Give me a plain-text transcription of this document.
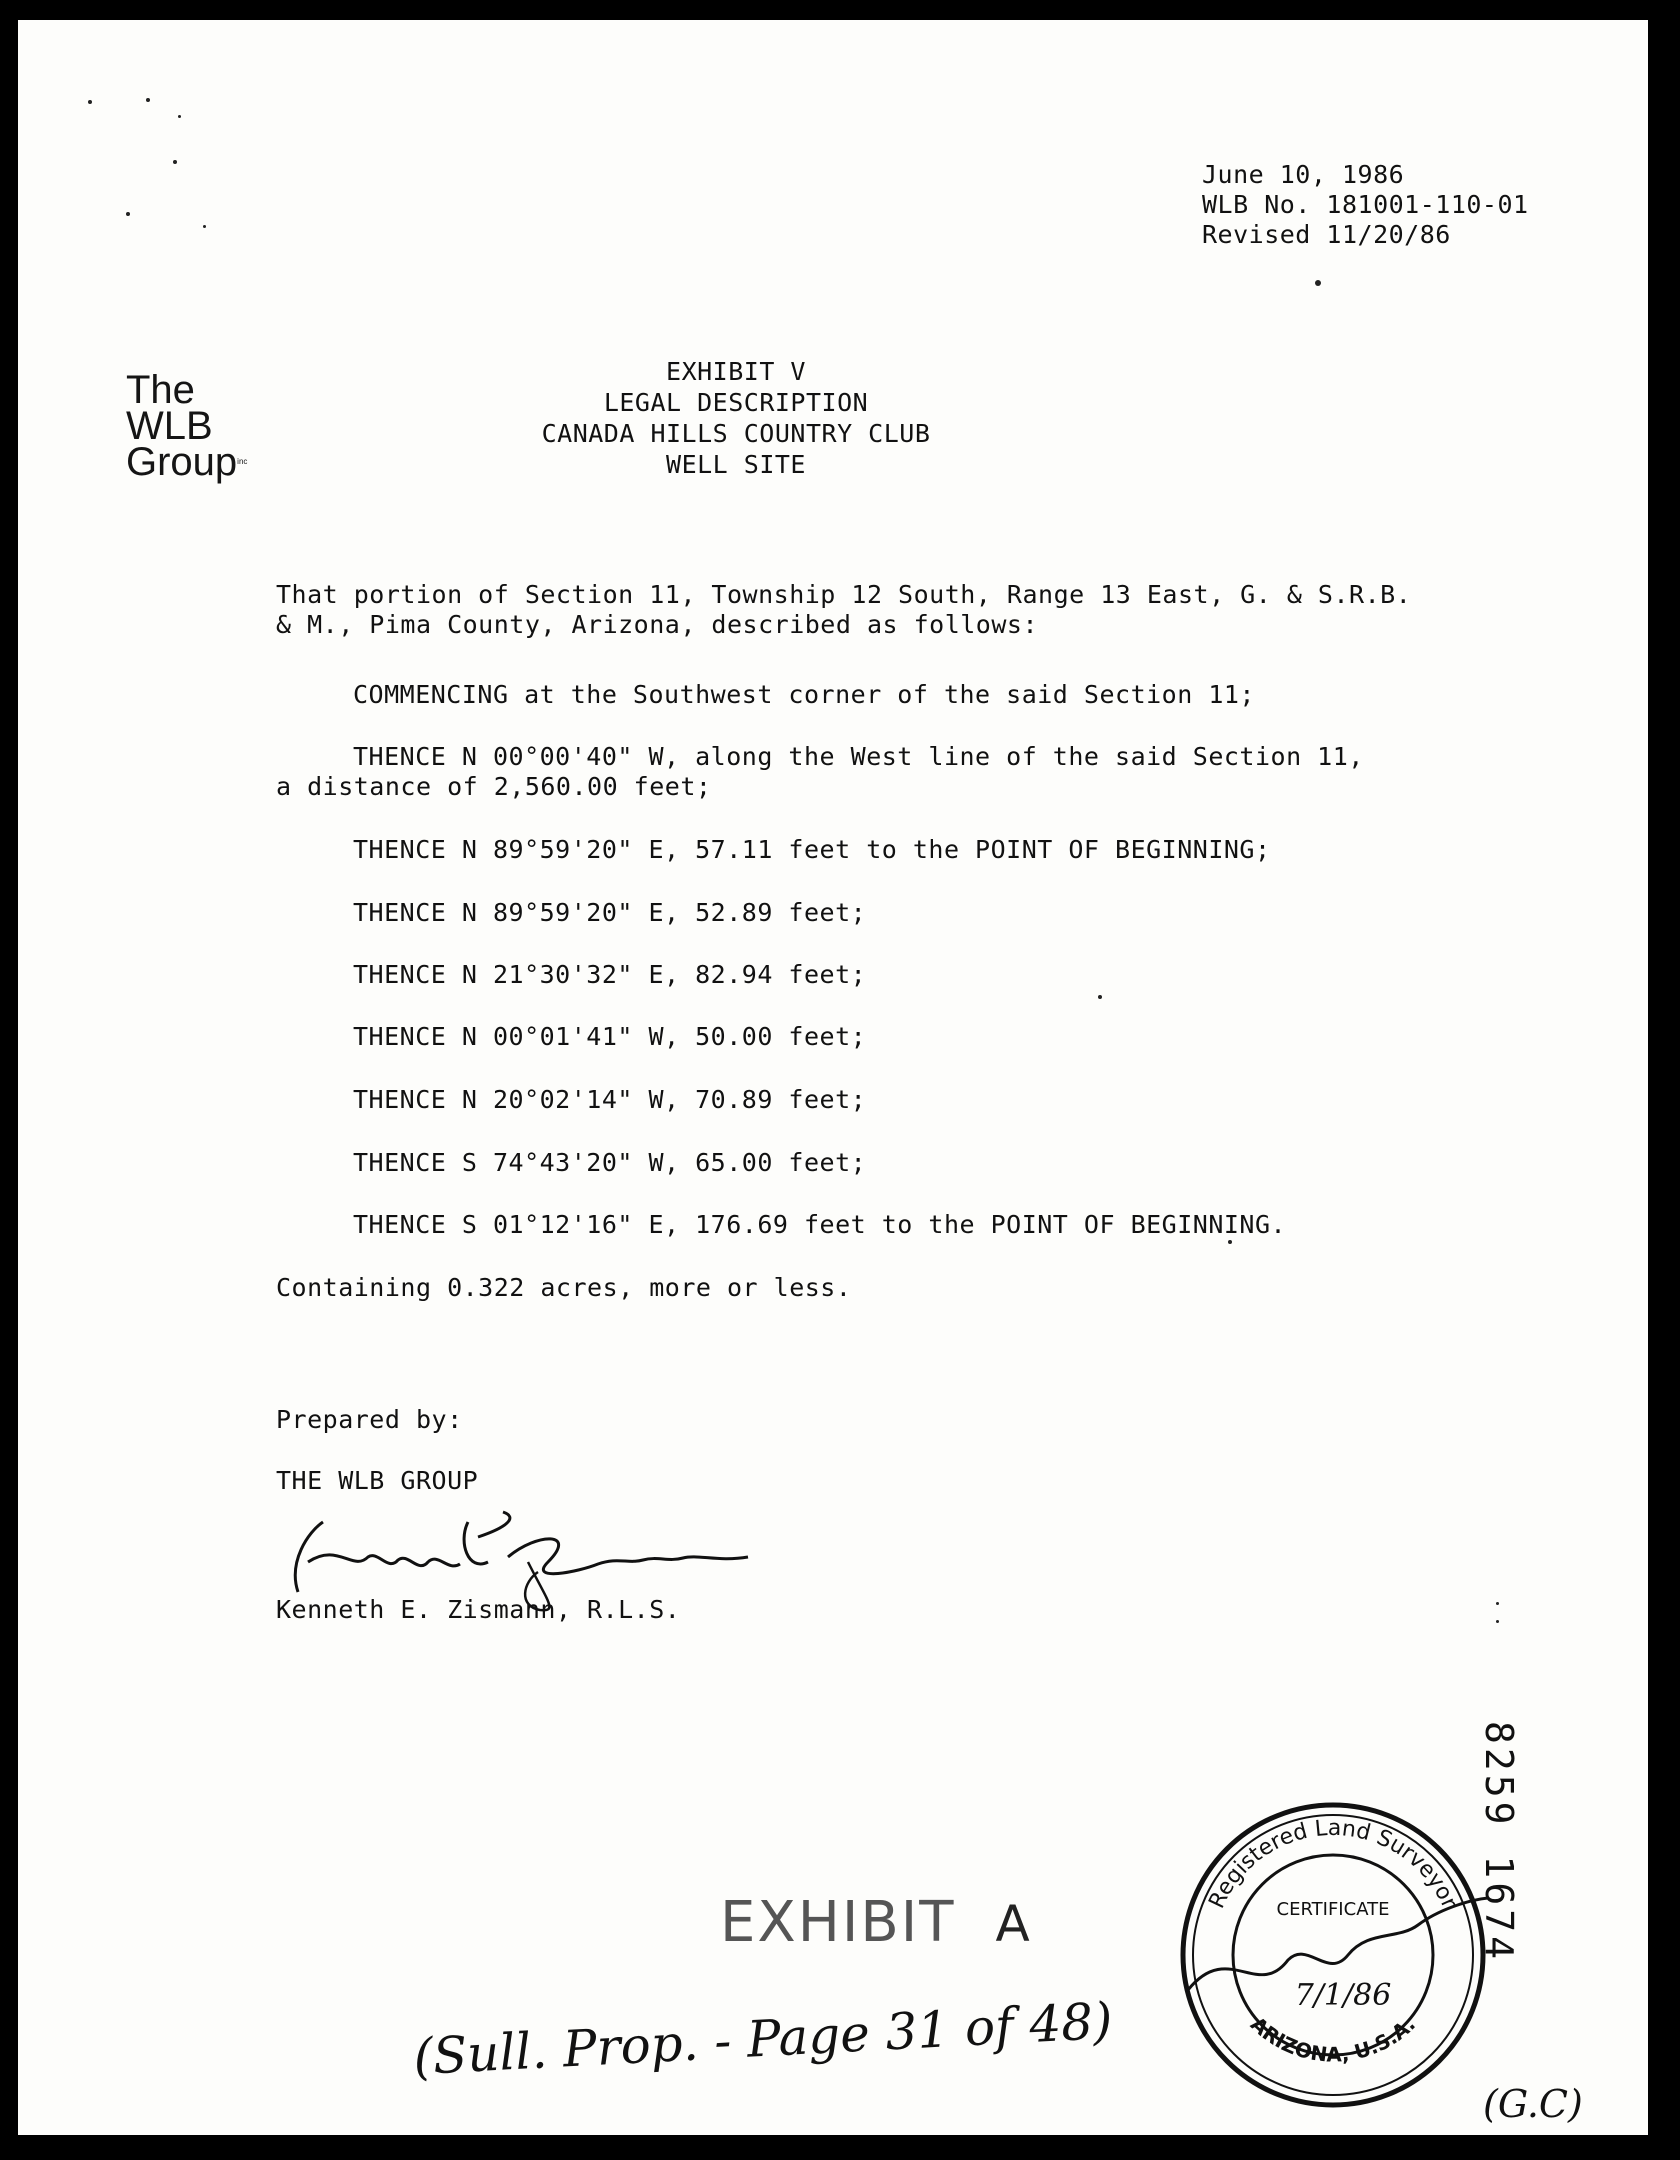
June 10, 1986
WLB No. 181001-110-01
Revised 11/20/86
The
WLB
Groupinc
EXHIBIT V
LEGAL DESCRIPTION
CANADA HILLS COUNTRY CLUB
WELL SITE
That portion of Section 11, Township 12 South, Range 13 East, G. & S.R.B.
& M., Pima County, Arizona, described as follows:
COMMENCING at the Southwest corner of the said Section 11;
THENCE N 00°00'40" W, along the West line of the said Section 11,
a distance of 2,560.00 feet;
THENCE N 89°59'20" E, 57.11 feet to the POINT OF BEGINNING;
THENCE N 89°59'20" E, 52.89 feet;
THENCE N 21°30'32" E, 82.94 feet;
THENCE N 00°01'41" W, 50.00 feet;
THENCE N 20°02'14" W, 70.89 feet;
THENCE S 74°43'20" W, 65.00 feet;
THENCE S 01°12'16" E, 176.69 feet to the POINT OF BEGINNING.
Containing 0.322 acres, more or less.
Prepared by:
THE WLB GROUP
Kenneth E. Zismann, R.L.S.
8259 1674
EXHIBIT A	Registered Land Surveyor
ARIZONA, U.S.A.
CERTIFICATE
7/1/86
(Sull. Prop. - Page 31 of 48)
(G.C)
